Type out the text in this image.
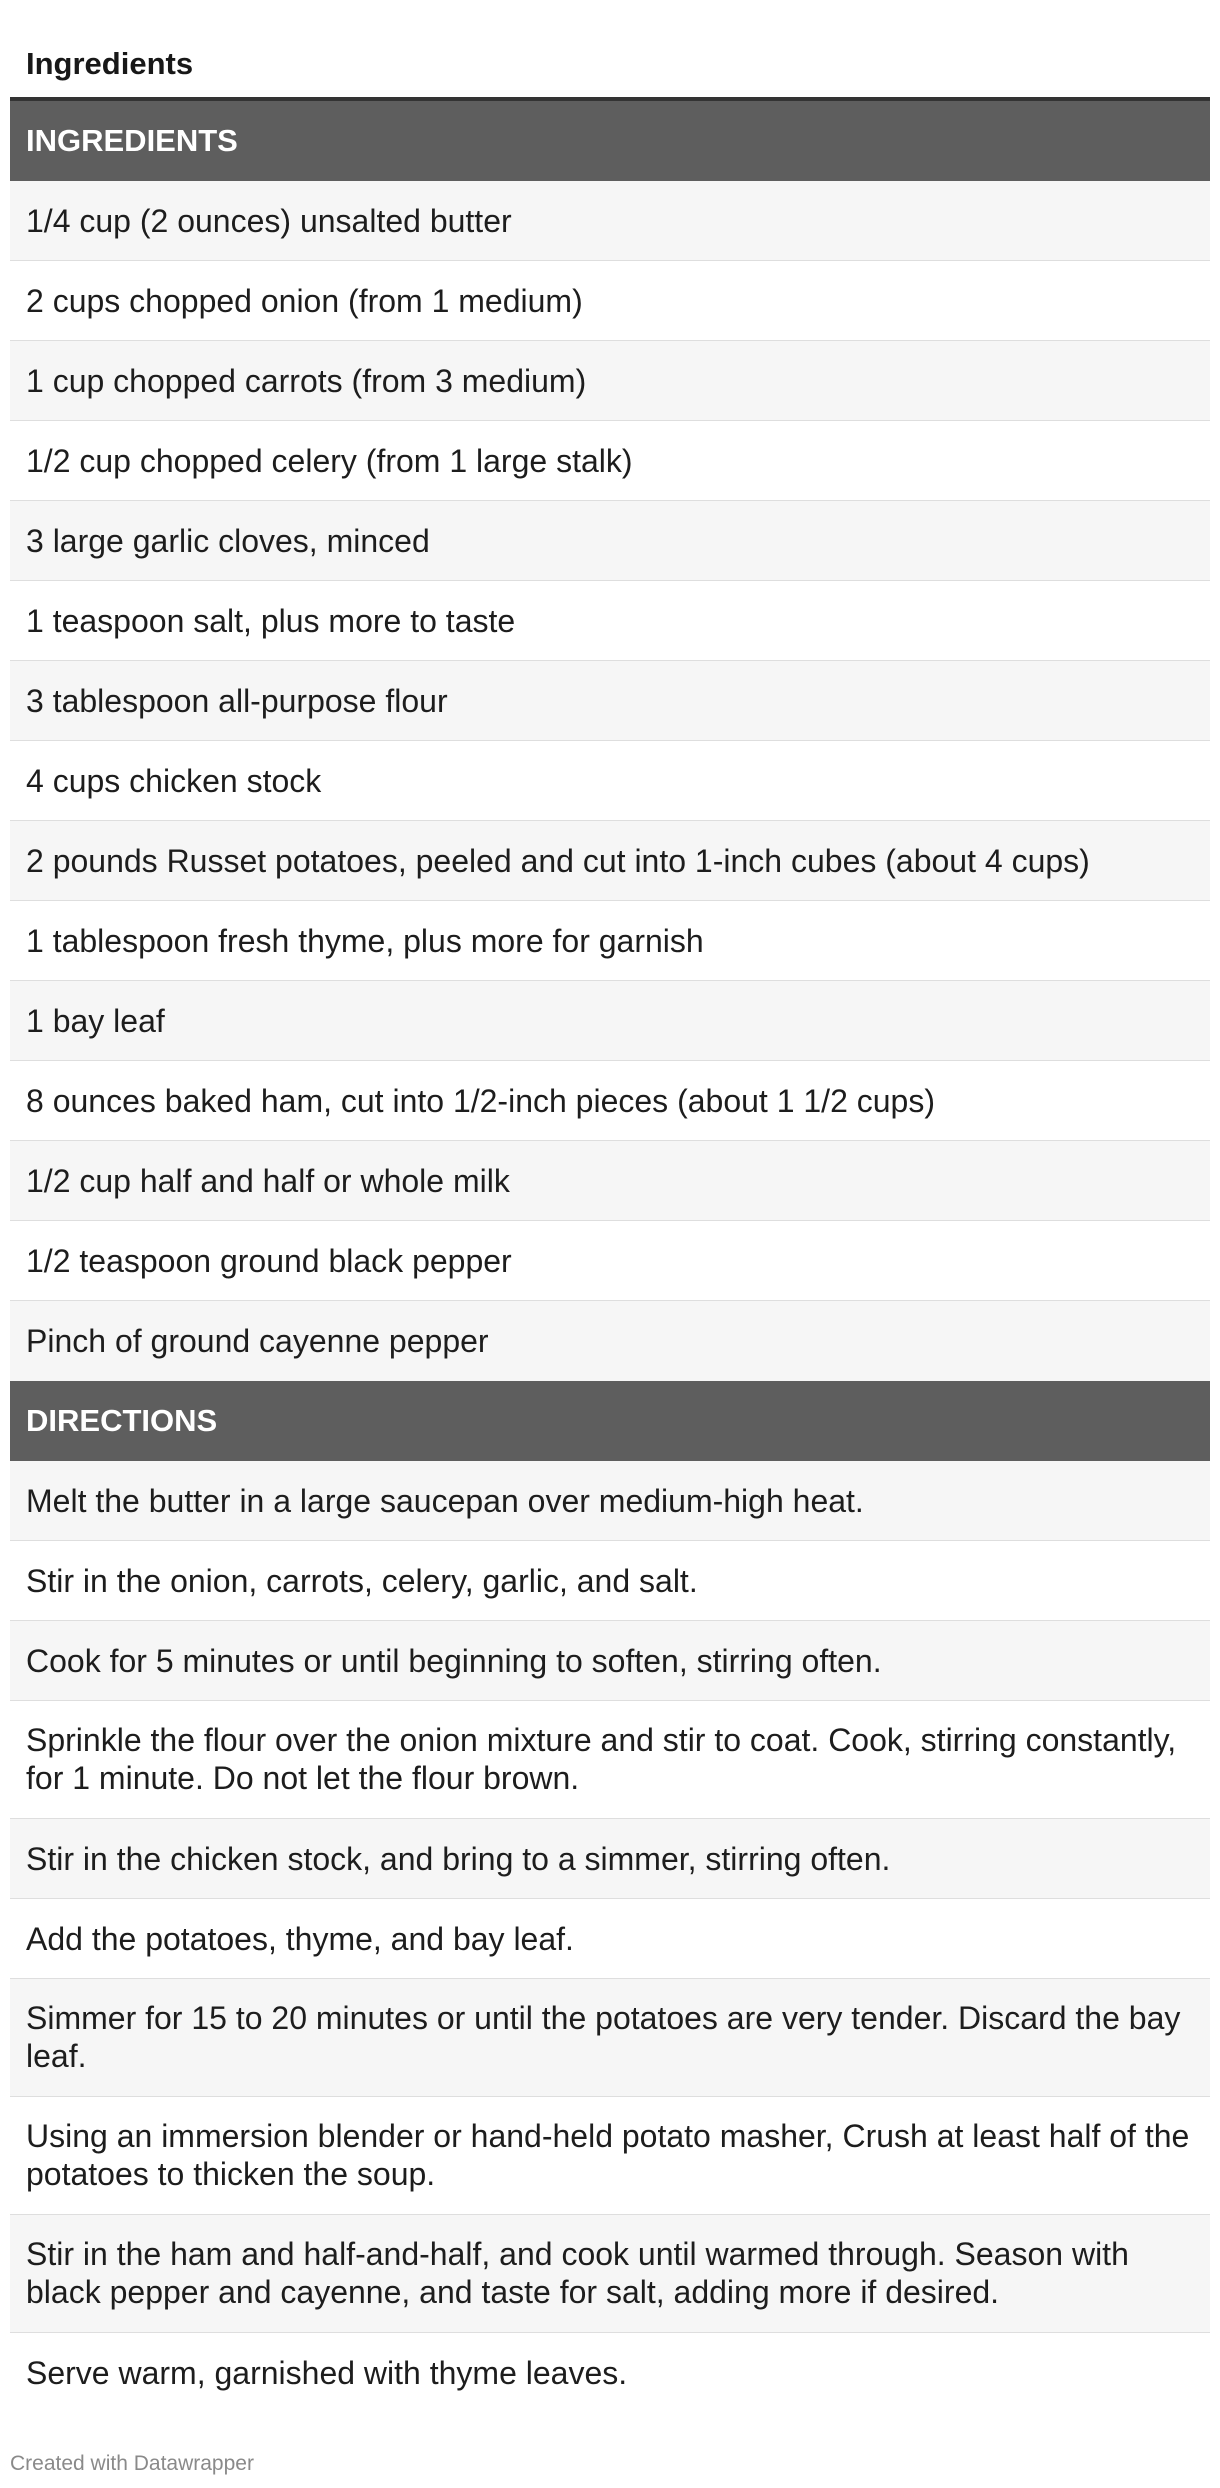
Ingredients
INGREDIENTS
1/4 cup (2 ounces) unsalted butter
2 cups chopped onion (from 1 medium)
1 cup chopped carrots (from 3 medium)
1/2 cup chopped celery (from 1 large stalk)
3 large garlic cloves, minced
1 teaspoon salt, plus more to taste
3 tablespoon all-purpose flour
4 cups chicken stock
2 pounds Russet potatoes, peeled and cut into 1-inch cubes (about 4 cups)
1 tablespoon fresh thyme, plus more for garnish
1 bay leaf
8 ounces baked ham, cut into 1/2-inch pieces (about 1 1/2 cups)
1/2 cup half and half or whole milk
1/2 teaspoon ground black pepper
Pinch of ground cayenne pepper
DIRECTIONS
Melt the butter in a large saucepan over medium-high heat.
Stir in the onion, carrots, celery, garlic, and salt.
Cook for 5 minutes or until beginning to soften, stirring often.
Sprinkle the flour over the onion mixture and stir to coat. Cook, stirring constantly, for 1 minute. Do not let the flour brown.
Stir in the chicken stock, and bring to a simmer, stirring often.
Add the potatoes, thyme, and bay leaf.
Simmer for 15 to 20 minutes or until the potatoes are very tender. Discard the bay leaf.
Using an immersion blender or hand-held potato masher, Crush at least half of the potatoes to thicken the soup.
Stir in the ham and half-and-half, and cook until warmed through. Season with black pepper and cayenne, and taste for salt, adding more if desired.
Serve warm, garnished with thyme leaves.
Created with Datawrapper
